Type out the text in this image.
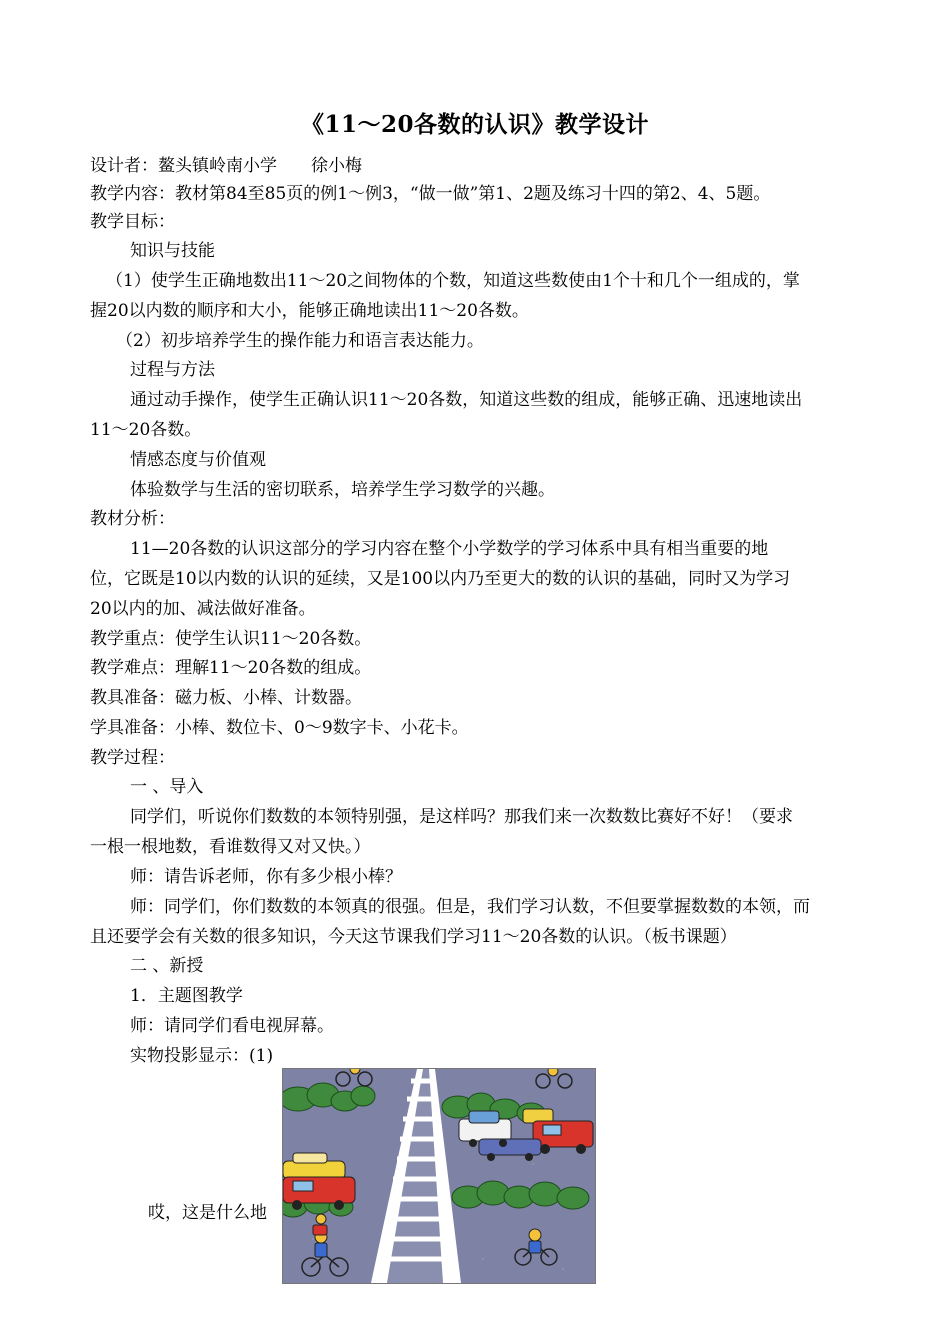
《11～20各数的认识》教学设计
设计者：鳌头镇岭南小学　　徐小梅
教学内容：教材第84至85页的例1～例3，“做一做”第1、2题及练习十四的第2、4、5题。
教学目标：
知识与技能
（1）使学生正确地数出11～20之间物体的个数，知道这些数使由1个十和几个一组成的，掌
握20以内数的顺序和大小，能够正确地读出11～20各数。
（2）初步培养学生的操作能力和语言表达能力。
过程与方法
通过动手操作，使学生正确认识11～20各数，知道这些数的组成，能够正确、迅速地读出
11～20各数。
情感态度与价值观
体验数学与生活的密切联系，培养学生学习数学的兴趣。
教材分析：
11—20各数的认识这部分的学习内容在整个小学数学的学习体系中具有相当重要的地
位，它既是10以内数的认识的延续，又是100以内乃至更大的数的认识的基础，同时又为学习
20以内的加、减法做好准备。
教学重点：使学生认识11～20各数。
教学难点：理解11～20各数的组成。
教具准备：磁力板、小棒、计数器。
学具准备：小棒、数位卡、0～9数字卡、小花卡。
教学过程：
一 、导入
同学们，听说你们数数的本领特别强，是这样吗？那我们来一次数数比赛好不好！（要求
一根一根地数，看谁数得又对又快。）
师：请告诉老师，你有多少根小棒？
师：同学们，你们数数的本领真的很强。但是，我们学习认数，不但要掌握数数的本领，而
且还要学会有关数的很多知识，今天这节课我们学习11～20各数的认识。（板书课题）
二 、新授
1．主题图教学
师：请同学们看电视屏幕。
实物投影显示：(1)
哎，这是什么地
